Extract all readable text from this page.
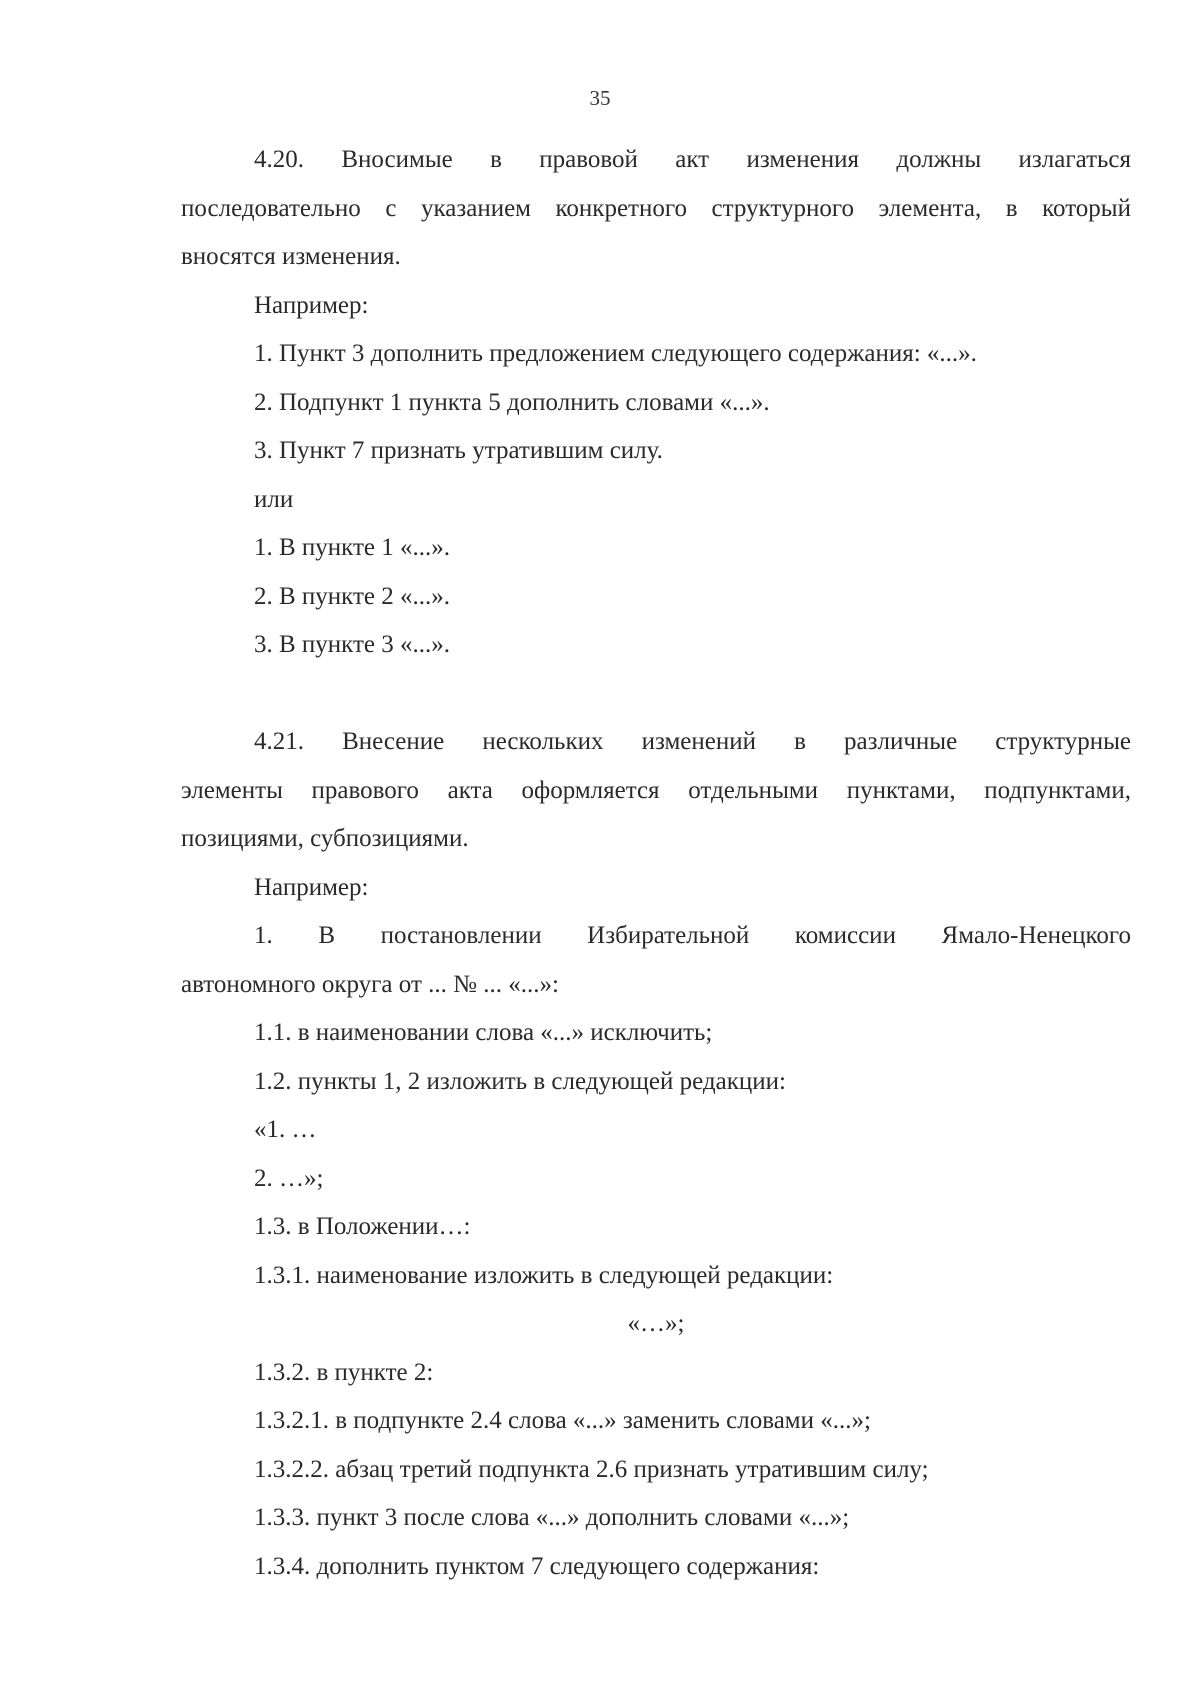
35
4.20. Вносимые в правовой акт изменения должны излагаться
последовательно с указанием конкретного структурного элемента, в который
вносятся изменения.
Например:
1. Пункт 3 дополнить предложением следующего содержания: «...».
2. Подпункт 1 пункта 5 дополнить словами «...».
3. Пункт 7 признать утратившим силу.
или
1. В пункте 1 «...».
2. В пункте 2 «...».
3. В пункте 3 «...».
4.21. Внесение нескольких изменений в различные структурные
элементы правового акта оформляется отдельными пунктами, подпунктами,
позициями, субпозициями.
Например:
1. В постановлении Избирательной комиссии Ямало-Ненецкого
автономного округа от ... № ... «...»:
1.1. в наименовании слова «...» исключить;
1.2. пункты 1, 2 изложить в следующей редакции:
«1. …
2. …»;
1.3. в Положении…:
1.3.1. наименование изложить в следующей редакции:
«…»;
1.3.2. в пункте 2:
1.3.2.1. в подпункте 2.4 слова «...» заменить словами «...»;
1.3.2.2. абзац третий подпункта 2.6 признать утратившим силу;
1.3.3. пункт 3 после слова «...» дополнить словами «...»;
1.3.4. дополнить пунктом 7 следующего содержания:
